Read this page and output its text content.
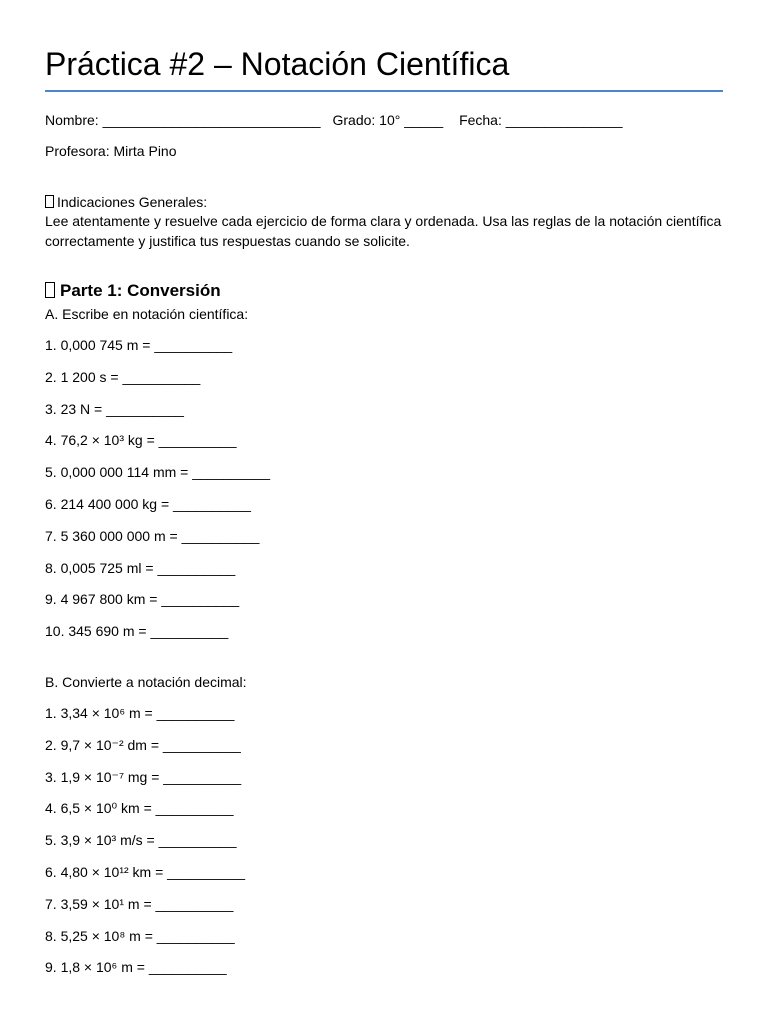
Práctica #2 – Notación Científica
Nombre: ____________________________ Grado: 10° _____ Fecha: _______________
Profesora: Mirta Pino
Indicaciones Generales:
Lee atentamente y resuelve cada ejercicio de forma clara y ordenada. Usa las reglas de la notación científica correctamente y justifica tus respuestas cuando se solicite.
Parte 1: Conversión
A. Escribe en notación científica:
1. 0,000 745 m = __________
2. 1 200 s = __________
3. 23 N = __________
4. 76,2 × 10³ kg = __________
5. 0,000 000 114 mm = __________
6. 214 400 000 kg = __________
7. 5 360 000 000 m = __________
8. 0,005 725 ml = __________
9. 4 967 800 km = __________
10. 345 690 m = __________
B. Convierte a notación decimal:
1. 3,34 × 10⁶ m = __________
2. 9,7 × 10⁻² dm = __________
3. 1,9 × 10⁻⁷ mg = __________
4. 6,5 × 10⁰ km = __________
5. 3,9 × 10³ m/s = __________
6. 4,80 × 10¹² km = __________
7. 3,59 × 10¹ m = __________
8. 5,25 × 10⁸ m = __________
9. 1,8 × 10⁶ m = __________
